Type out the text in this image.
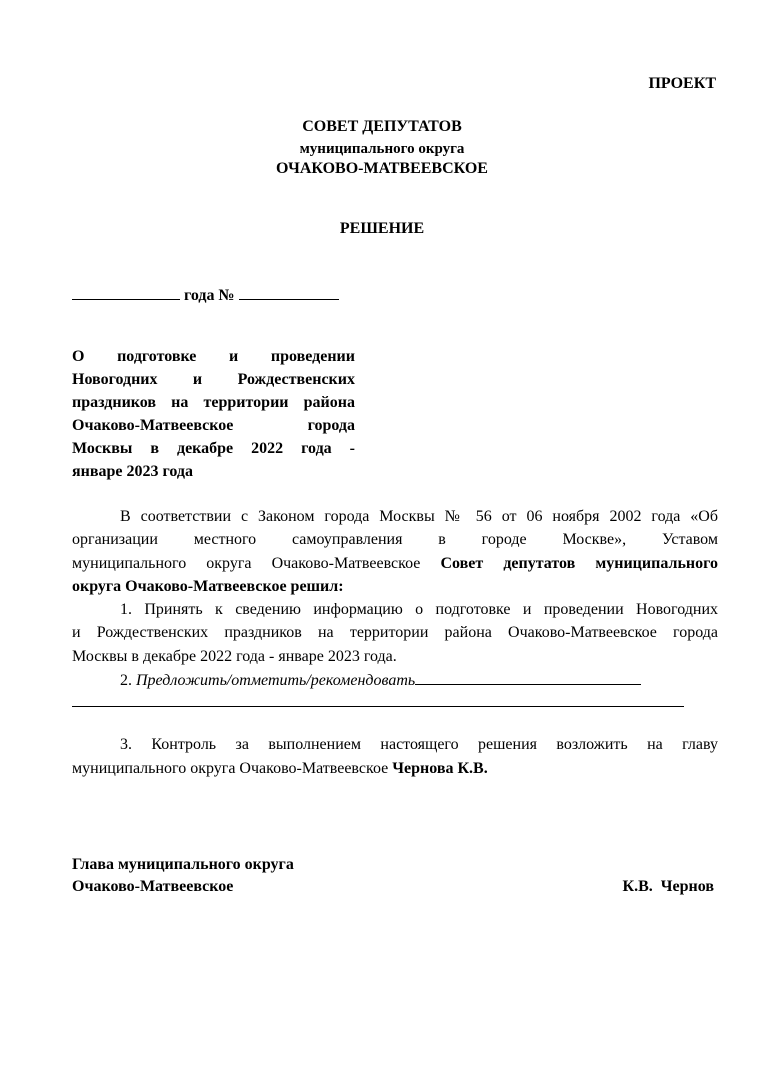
ПРОЕКТ
СОВЕТ ДЕПУТАТОВ
муниципального округа
ОЧАКОВО-МАТВЕЕВСКОЕ
РЕШЕНИЕ
года №
О подготовке и проведении
Новогодних и Рождественских
праздников на территории района
Очаково-Матвеевское города
Москвы в декабре 2022 года -
январе 2023 года
В соответствии с Законом города Москвы № 56 от 06 ноября 2002 года «Об
организации местного самоуправления в городе Москве», Уставом
муниципального округа Очаково-Матвеевское Совет депутатов муниципального
округа Очаково-Матвеевское решил:
1. Принять к сведению информацию о подготовке и проведении Новогодних
и Рождественских праздников на территории района Очаково-Матвеевское города
Москвы в декабре 2022 года - январе 2023 года.
2. Предложить/отметить/рекомендовать
3. Контроль за выполнением настоящего решения возложить на главу
муниципального округа Очаково-Матвеевское Чернова К.В.
Глава муниципального округа
Очаково-Матвеевское	К.В. Чернов
